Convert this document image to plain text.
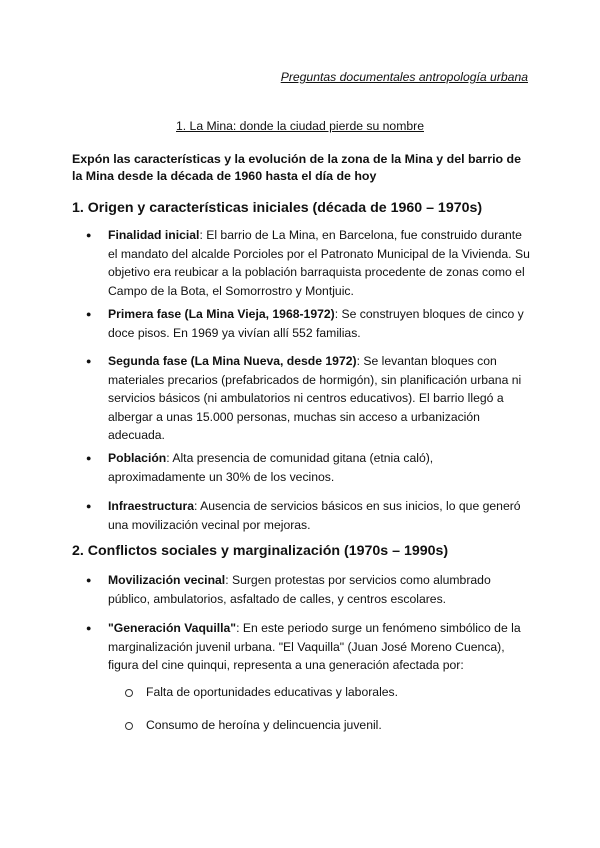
Preguntas documentales antropología urbana
1. La Mina: donde la ciudad pierde su nombre
Expón las características y la evolución de la zona de la Mina y del barrio de la Mina desde la década de 1960 hasta el día de hoy
1. Origen y características iniciales (década de 1960 – 1970s)
● Finalidad inicial: El barrio de La Mina, en Barcelona, fue construido durante el mandato del alcalde Porcioles por el Patronato Municipal de la Vivienda. Su objetivo era reubicar a la población barraquista procedente de zonas como el Campo de la Bota, el Somorrostro y Montjuic.
● Primera fase (La Mina Vieja, 1968-1972): Se construyen bloques de cinco y doce pisos. En 1969 ya vivían allí 552 familias.
● Segunda fase (La Mina Nueva, desde 1972): Se levantan bloques con materiales precarios (prefabricados de hormigón), sin planificación urbana ni servicios básicos (ni ambulatorios ni centros educativos). El barrio llegó a albergar a unas 15.000 personas, muchas sin acceso a urbanización adecuada.
● Población: Alta presencia de comunidad gitana (etnia caló), aproximadamente un 30% de los vecinos.
● Infraestructura: Ausencia de servicios básicos en sus inicios, lo que generó una movilización vecinal por mejoras.
2. Conflictos sociales y marginalización (1970s – 1990s)
● Movilización vecinal: Surgen protestas por servicios como alumbrado público, ambulatorios, asfaltado de calles, y centros escolares.
● "Generación Vaquilla": En este periodo surge un fenómeno simbólico de la marginalización juvenil urbana. "El Vaquilla" (Juan José Moreno Cuenca), figura del cine quinqui, representa a una generación afectada por:
Falta de oportunidades educativas y laborales.
Consumo de heroína y delincuencia juvenil.
